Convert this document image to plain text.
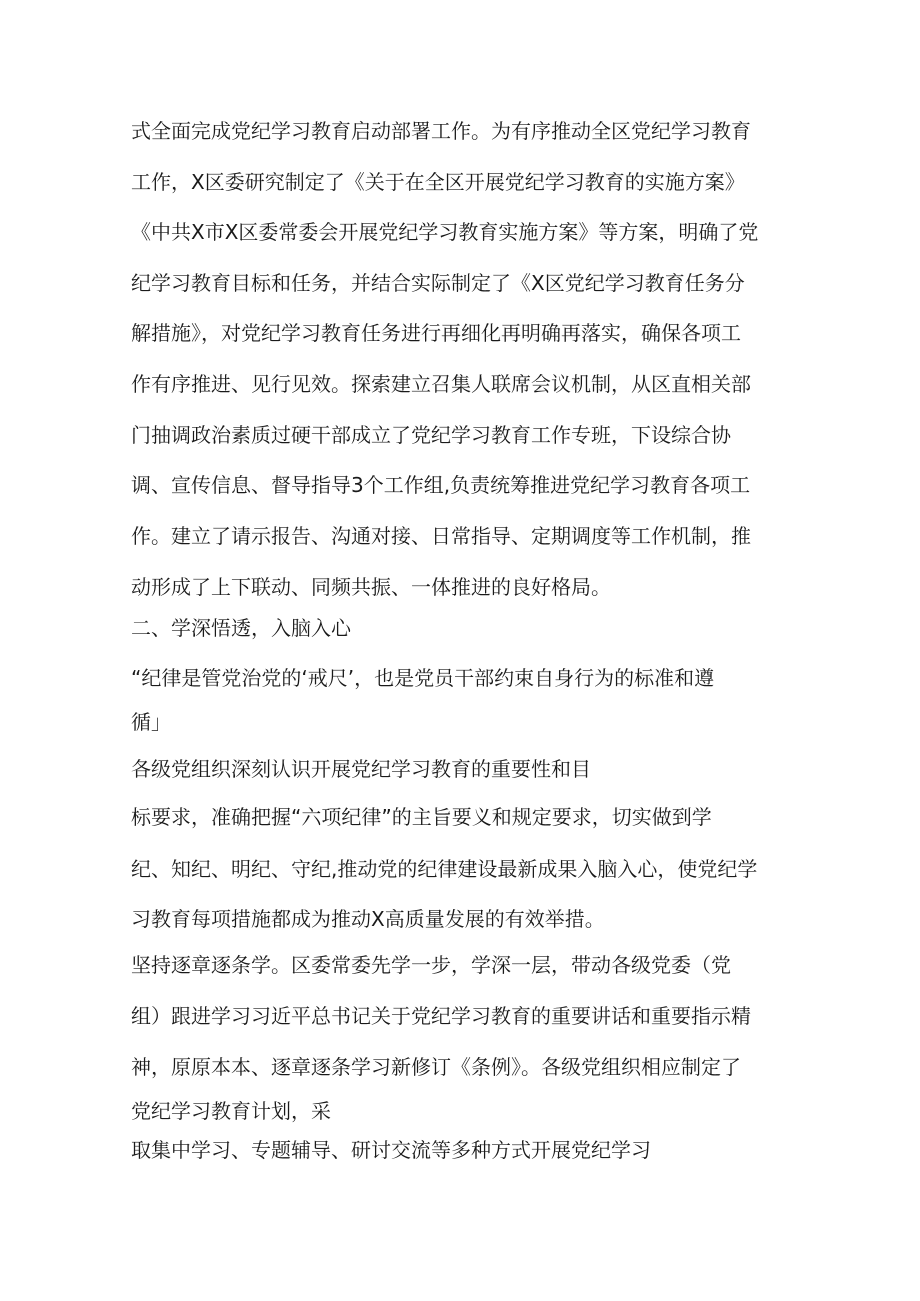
式全面完成党纪学习教育启动部署工作。为有序推动全区党纪学习教育

工作，X区委研究制定了《关于在全区开展党纪学习教育的实施方案》

《中共X市X区委常委会开展党纪学习教育实施方案》等方案，明确了党

纪学习教育目标和任务，并结合实际制定了《X区党纪学习教育任务分

解措施》，对党纪学习教育任务进行再细化再明确再落实，确保各项工

作有序推进、见行见效。探索建立召集人联席会议机制，从区直相关部

门抽调政治素质过硬干部成立了党纪学习教育工作专班，下设综合协

调、宣传信息、督导指导3个工作组,负责统筹推进党纪学习教育各项工

作。建立了请示报告、沟通对接、日常指导、定期调度等工作机制，推

动形成了上下联动、同频共振、一体推进的良好格局。

二、学深悟透，入脑入心

“纪律是管党治党的‘戒尺’，也是党员干部约束自身行为的标准和遵

循」

各级党组织深刻认识开展党纪学习教育的重要性和目

标要求，准确把握“六项纪律”的主旨要义和规定要求，切实做到学

纪、知纪、明纪、守纪,推动党的纪律建设最新成果入脑入心，使党纪学

习教育每项措施都成为推动X高质量发展的有效举措。

坚持逐章逐条学。区委常委先学一步，学深一层，带动各级党委（党

组）跟进学习习近平总书记关于党纪学习教育的重要讲话和重要指示精

神，原原本本、逐章逐条学习新修订《条例》。各级党组织相应制定了

党纪学习教育计划，采

取集中学习、专题辅导、研讨交流等多种方式开展党纪学习
